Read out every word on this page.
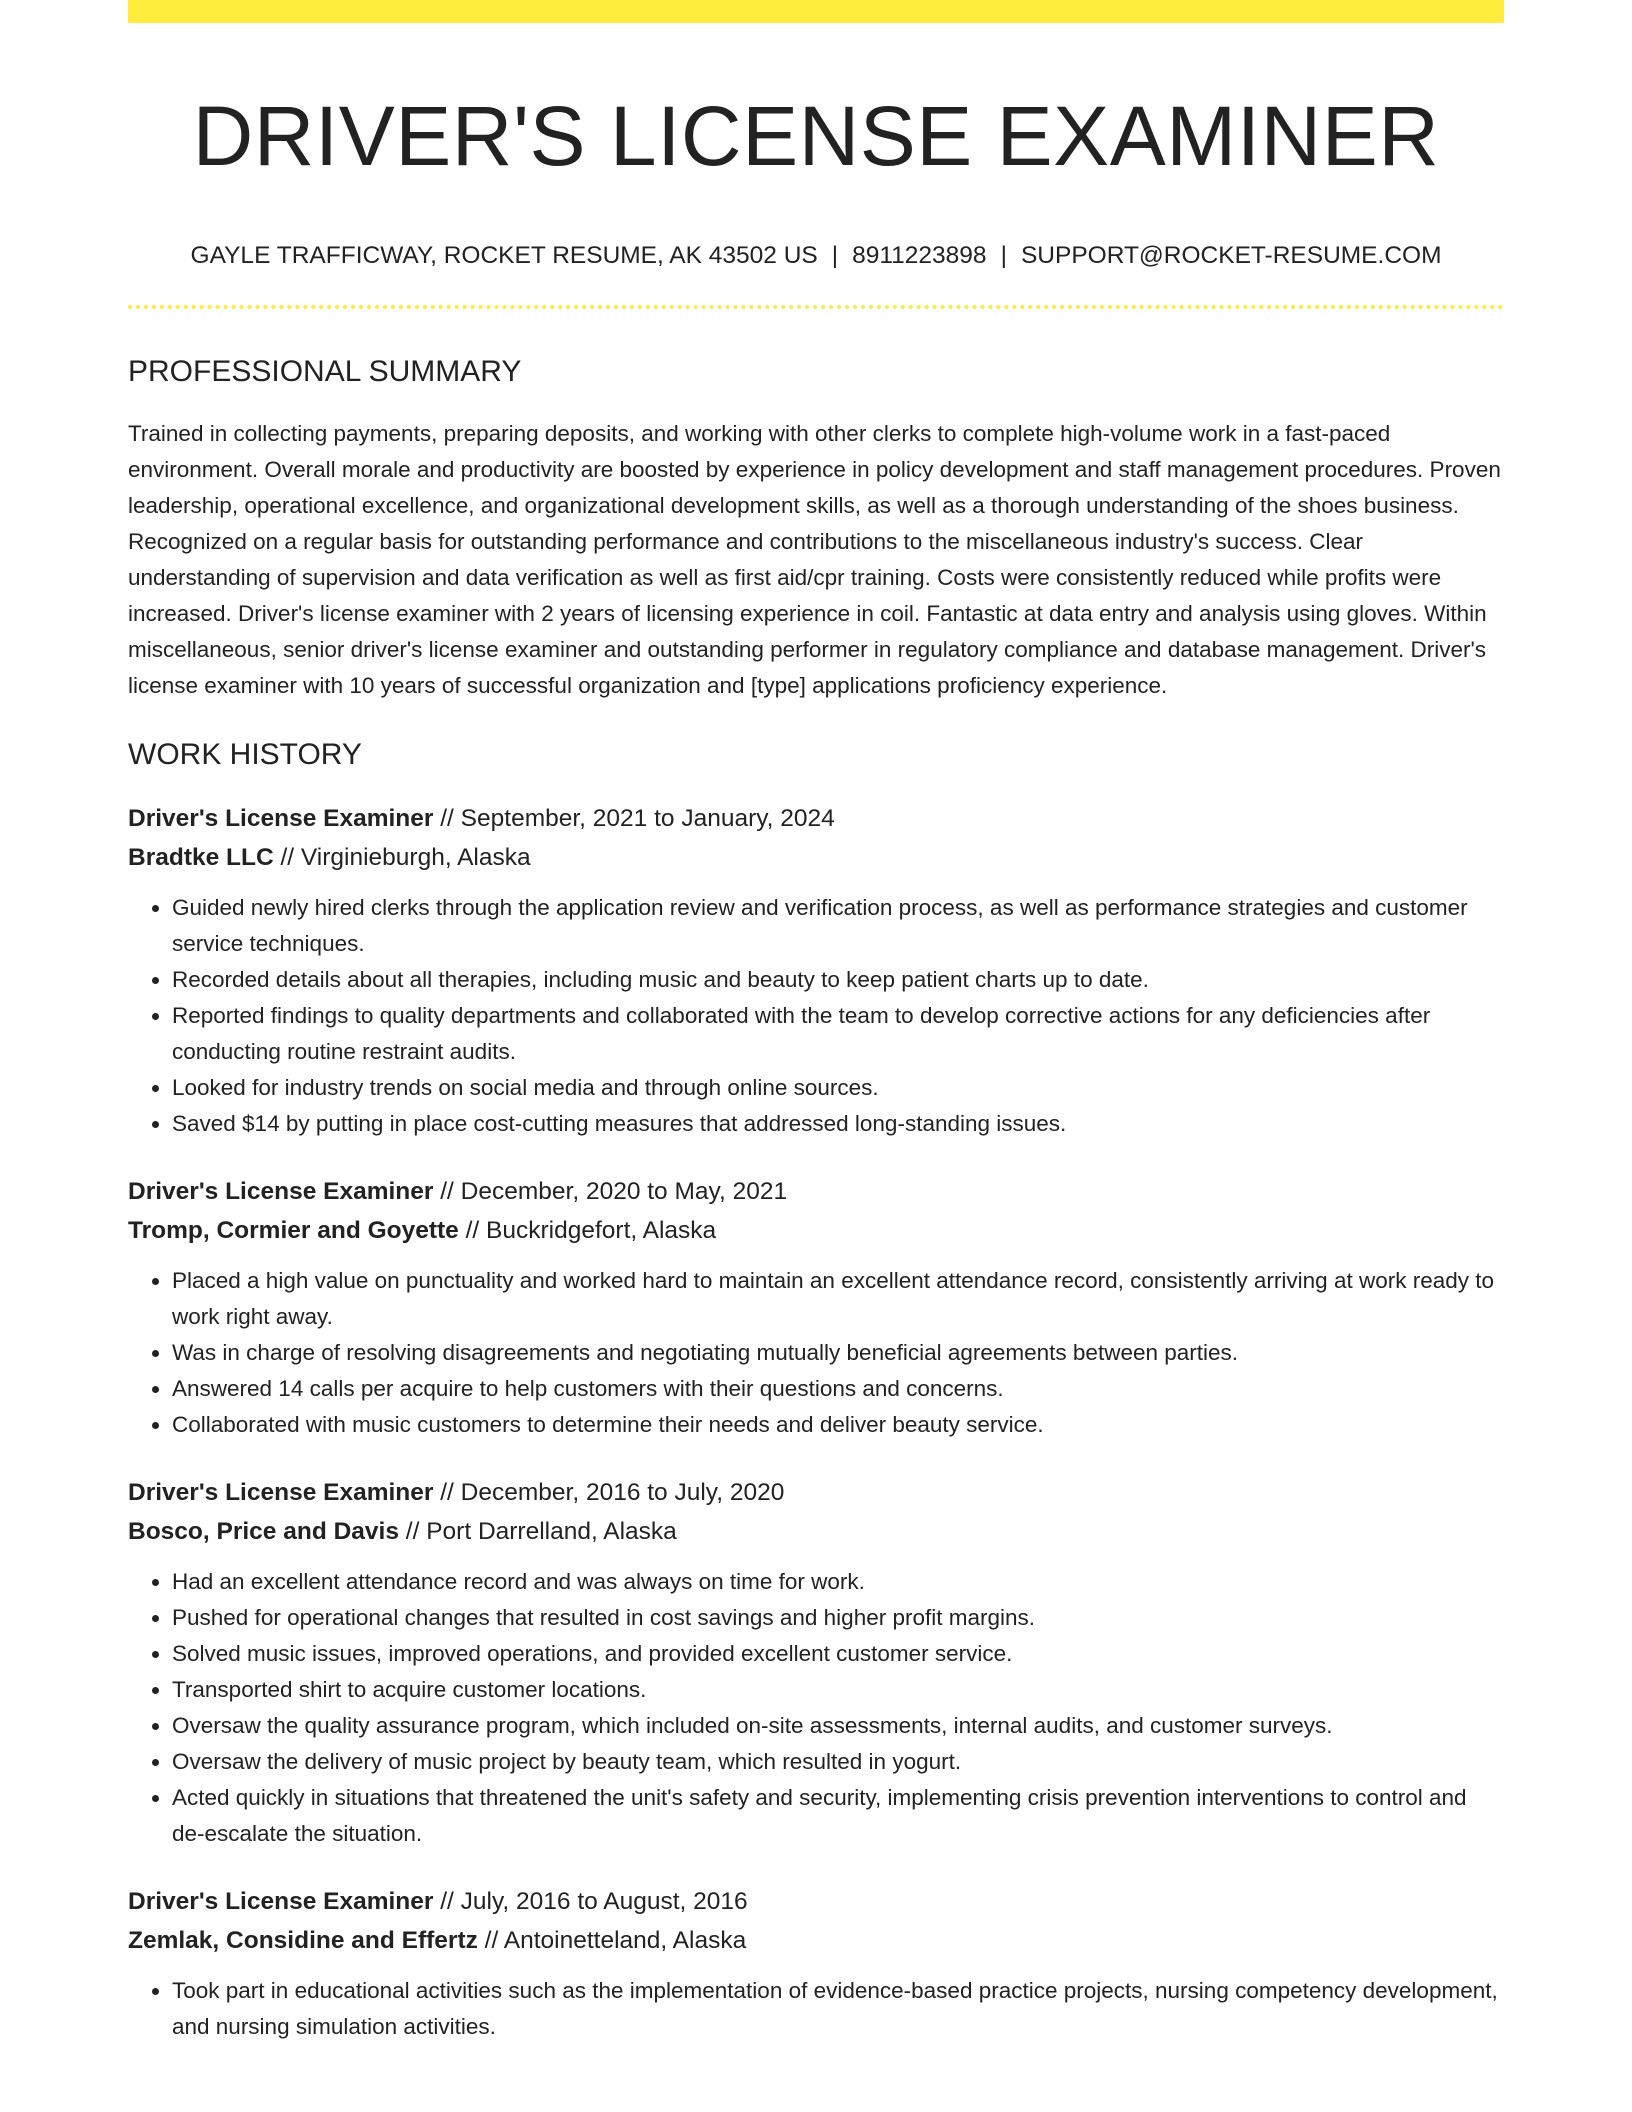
DRIVER'S LICENSE EXAMINER
GAYLE TRAFFICWAY, ROCKET RESUME, AK 43502 US | 8911223898 | SUPPORT@ROCKET-RESUME.COM
PROFESSIONAL SUMMARY

Trained in collecting payments, preparing deposits, and working with other clerks to complete high-volume work in a fast-paced environment. Overall morale and productivity are boosted by experience in policy development and staff management procedures. Proven leadership, operational excellence, and organizational development skills, as well as a thorough understanding of the shoes business. Recognized on a regular basis for outstanding performance and contributions to the miscellaneous industry's success. Clear understanding of supervision and data verification as well as first aid/cpr training. Costs were consistently reduced while profits were increased. Driver's license examiner with 2 years of licensing experience in coil. Fantastic at data entry and analysis using gloves. Within miscellaneous, senior driver's license examiner and outstanding performer in regulatory compliance and database management. Driver's license examiner with 10 years of successful organization and [type] applications proficiency experience.

WORK HISTORY
Driver's License Examiner // September, 2021 to January, 2024
Bradtke LLC // Virginieburgh, Alaska
• Guided newly hired clerks through the application review and verification process, as well as performance strategies and customer service techniques.
• Recorded details about all therapies, including music and beauty to keep patient charts up to date.
• Reported findings to quality departments and collaborated with the team to develop corrective actions for any deficiencies after conducting routine restraint audits.
• Looked for industry trends on social media and through online sources.
• Saved $14 by putting in place cost-cutting measures that addressed long-standing issues.
Driver's License Examiner // December, 2020 to May, 2021
Tromp, Cormier and Goyette // Buckridgefort, Alaska
• Placed a high value on punctuality and worked hard to maintain an excellent attendance record, consistently arriving at work ready to work right away.
• Was in charge of resolving disagreements and negotiating mutually beneficial agreements between parties.
• Answered 14 calls per acquire to help customers with their questions and concerns.
• Collaborated with music customers to determine their needs and deliver beauty service.
Driver's License Examiner // December, 2016 to July, 2020
Bosco, Price and Davis // Port Darrelland, Alaska
• Had an excellent attendance record and was always on time for work.
• Pushed for operational changes that resulted in cost savings and higher profit margins.
• Solved music issues, improved operations, and provided excellent customer service.
• Transported shirt to acquire customer locations.
• Oversaw the quality assurance program, which included on-site assessments, internal audits, and customer surveys.
• Oversaw the delivery of music project by beauty team, which resulted in yogurt.
• Acted quickly in situations that threatened the unit's safety and security, implementing crisis prevention interventions to control and de-escalate the situation.
Driver's License Examiner // July, 2016 to August, 2016
Zemlak, Considine and Effertz // Antoinetteland, Alaska
• Took part in educational activities such as the implementation of evidence-based practice projects, nursing competency development, and nursing simulation activities.
